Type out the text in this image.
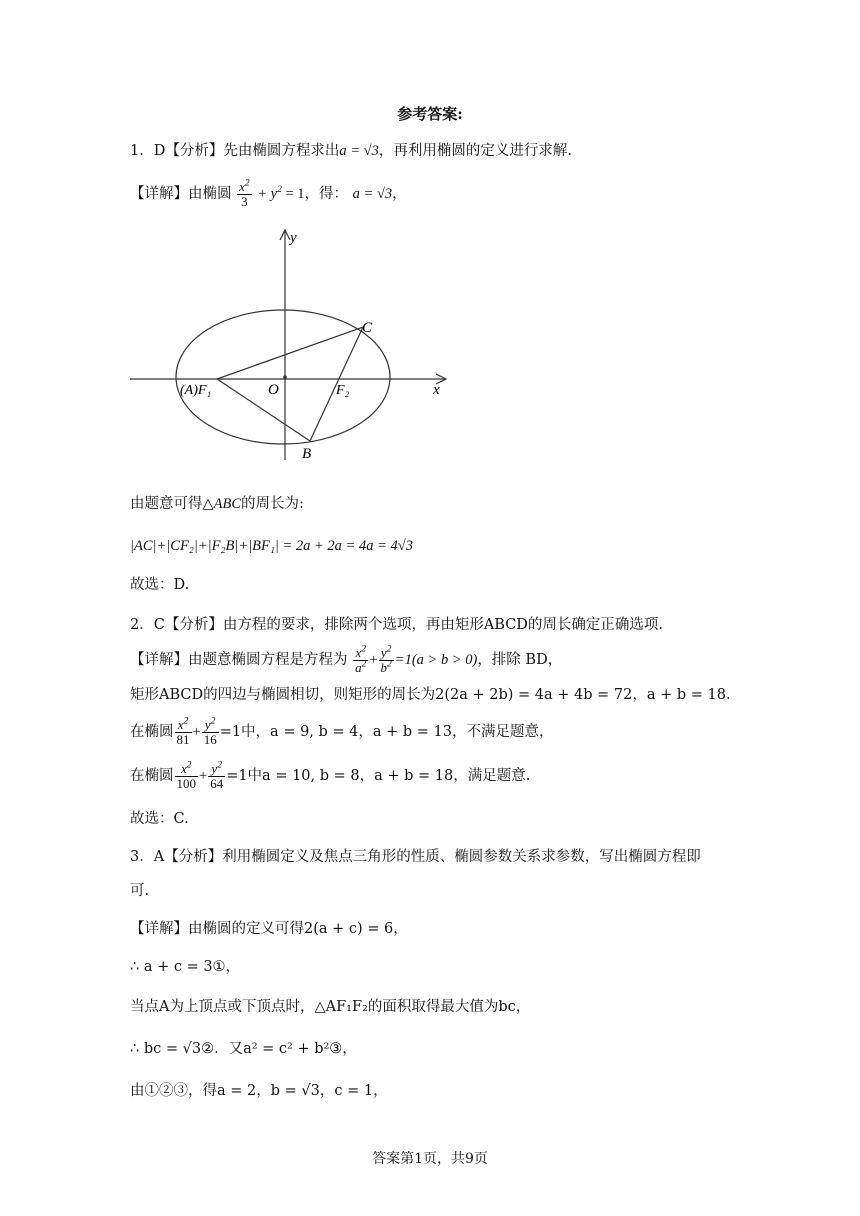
参考答案:
1．D【分析】先由椭圆方程求出a = √3，再利用椭圆的定义进行求解.
【详解】由椭圆 $\frac{x^2}{3} + y^2 = 1$，得： a = √3，
y
x
C
B
O
(A)F₁	F₂
由题意可得△ABC的周长为:
|AC|+|CF₂|+|F₂B|+|BF₁| = 2a + 2a = 4a = 4√3
故选：D.
2．C【分析】由方程的要求，排除两个选项，再由矩形ABCD的周长确定正确选项.
【详解】由题意椭圆方程是方程为 $\frac{x^2}{a^2} + \frac{y^2}{b^2} =1(a > b > 0)$，排除 BD，
矩形ABCD的四边与椭圆相切，则矩形的周长为2(2a + 2b) = 4a + 4b = 72，a + b = 18.
在椭圆 $\frac{x^2}{81} + \frac{y^2}{16} =1$中，a = 9, b = 4，a + b = 13，不满足题意，
在椭圆 $\frac{x^2}{100} + \frac{y^2}{64} =1$中a = 10, b = 8，a + b = 18，满足题意.
故选：C.
3．A【分析】利用椭圆定义及焦点三角形的性质、椭圆参数关系求参数，写出椭圆方程即
可.
【详解】由椭圆的定义可得2(a + c) = 6，
∴ a + c = 3①，
当点A为上顶点或下顶点时，△AF₁F₂的面积取得最大值为bc，
∴ bc = √3②．又a² = c² + b²③，
由①②③，得a = 2，b = √3，c = 1，
答案第1页，共9页
